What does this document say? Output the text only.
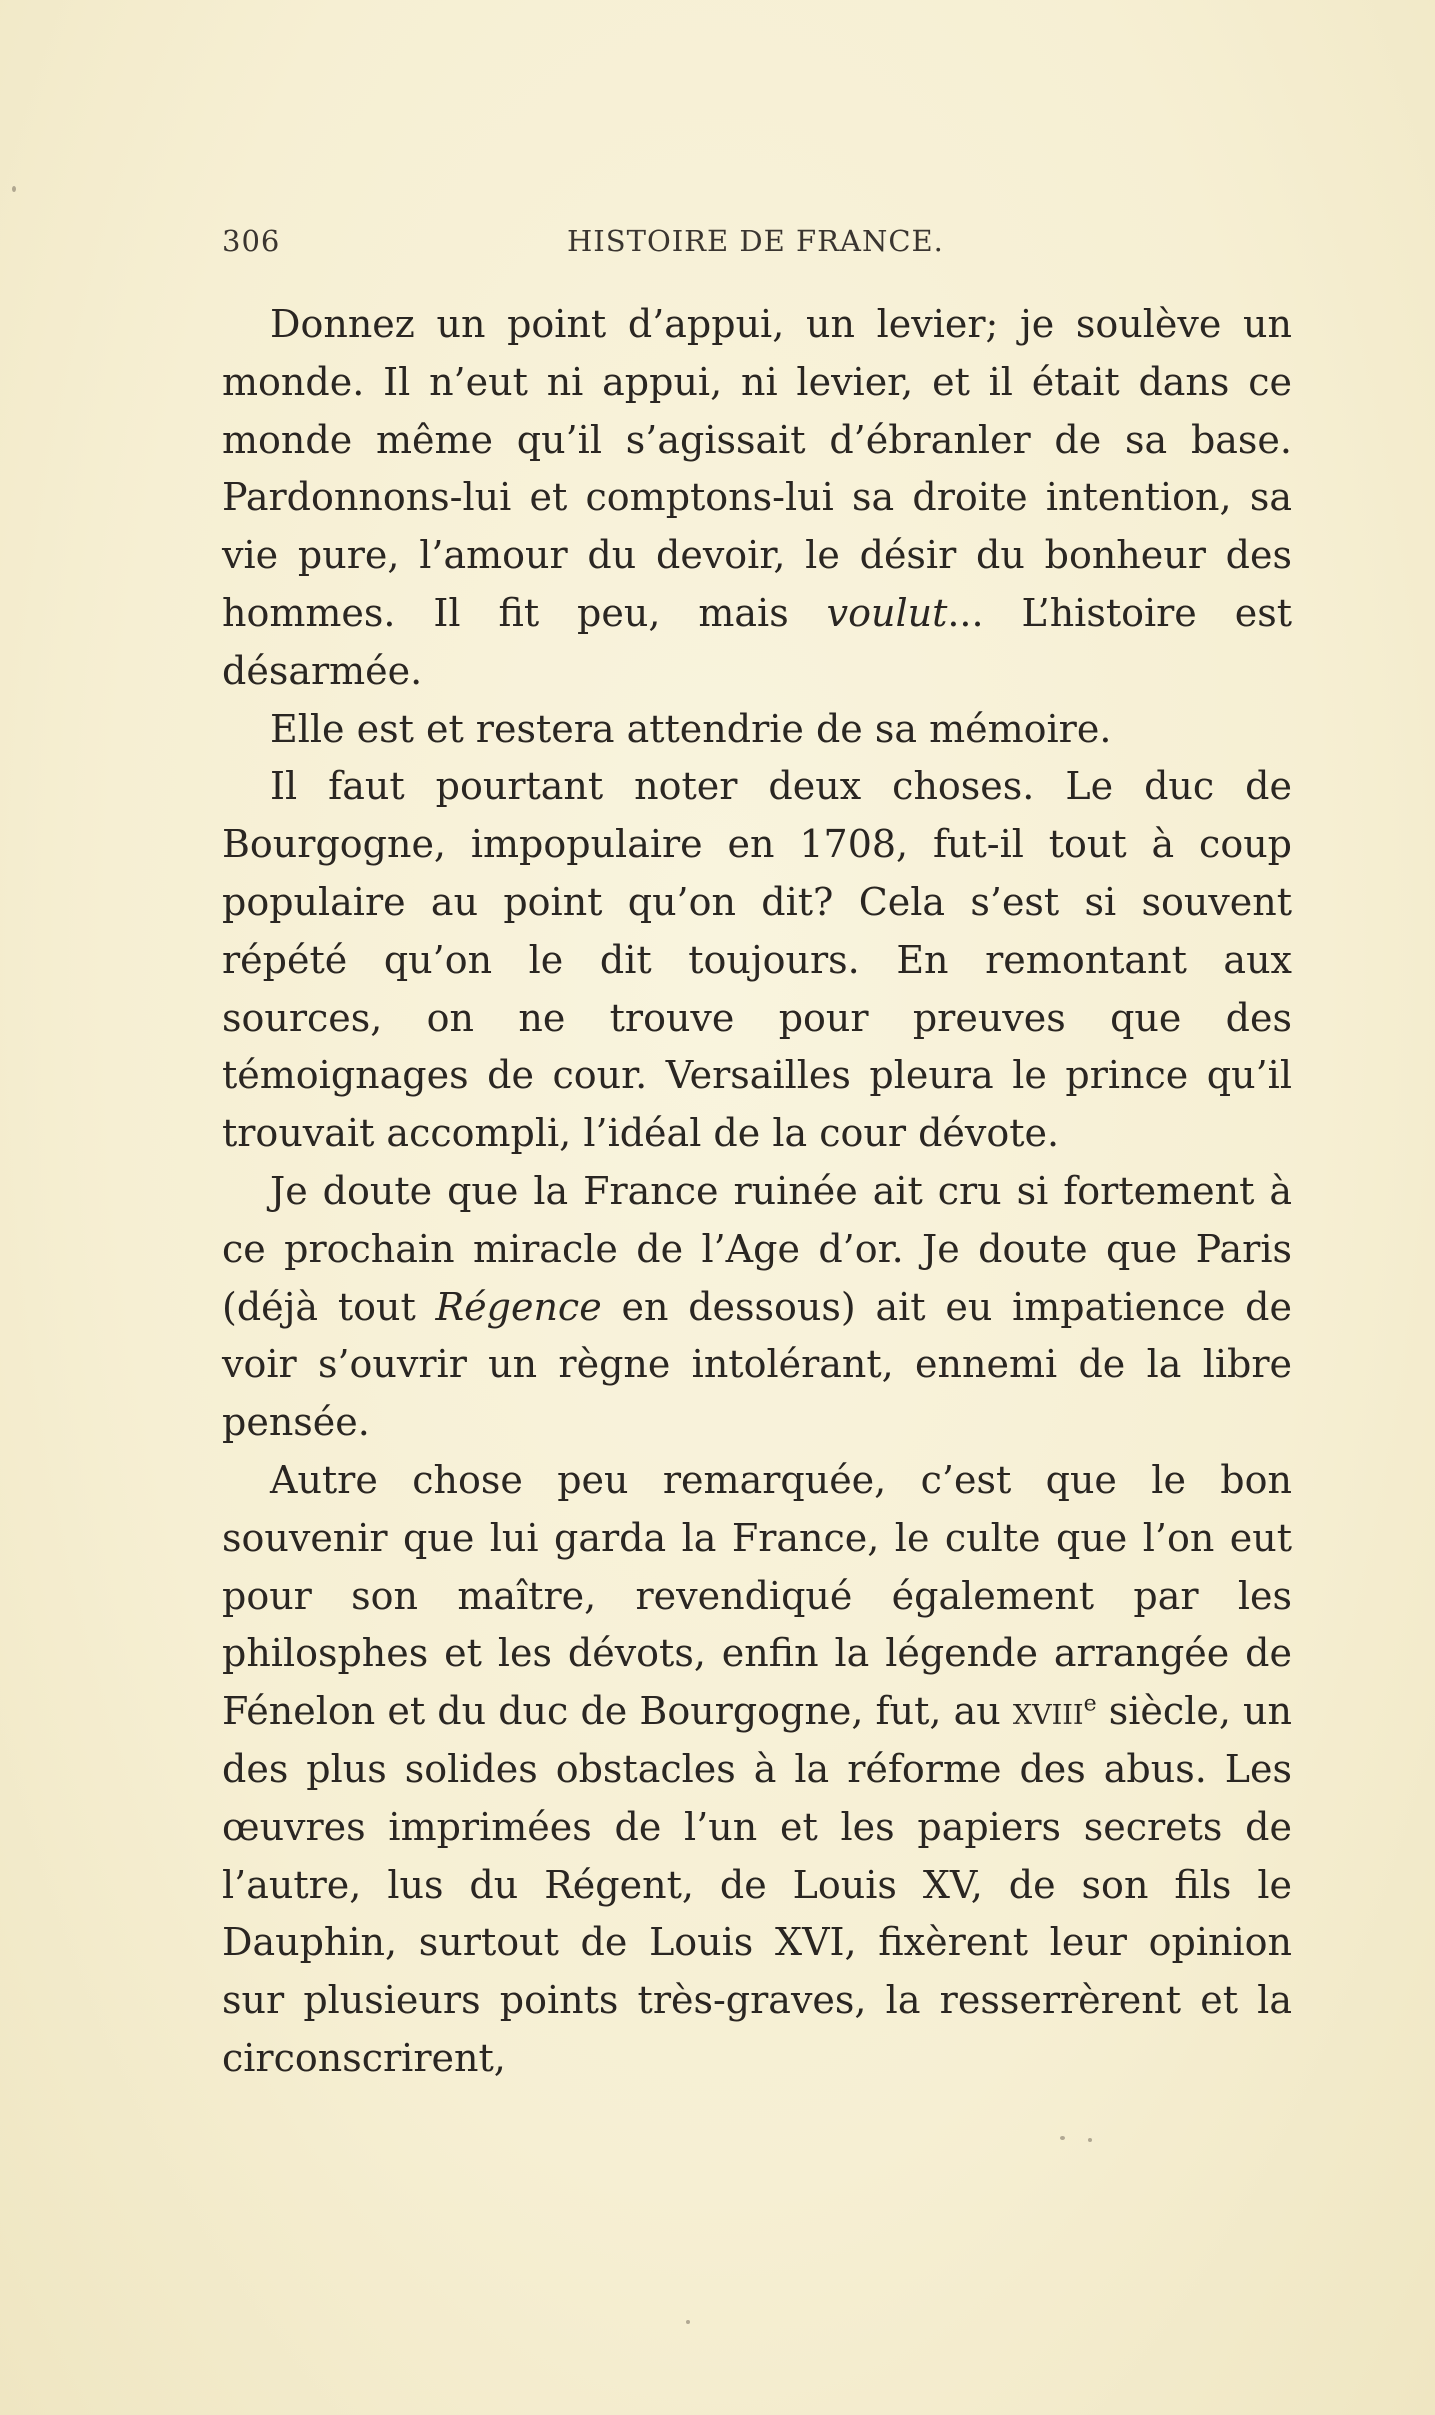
306	HISTOIRE DE FRANCE.

Donnez un point d’appui, un levier; je soulève un monde. Il n’eut ni appui, ni levier, et il était dans ce monde même qu’il s’agissait d’ébranler de sa base. Pardonnons-lui et comptons-lui sa droite intention, sa vie pure, l’amour du devoir, le désir du bonheur des hommes. Il fit peu, mais voulut... L’histoire est désarmée.

Elle est et restera attendrie de sa mémoire.

Il faut pourtant noter deux choses. Le duc de Bourgogne, impopulaire en 1708, fut-il tout à coup populaire au point qu’on dit? Cela s’est si souvent répété qu’on le dit toujours. En remontant aux sources, on ne trouve pour preuves que des témoignages de cour. Versailles pleura le prince qu’il trouvait accompli, l’idéal de la cour dévote.

Je doute que la France ruinée ait cru si fortement à ce prochain miracle de l’Age d’or. Je doute que Paris (déjà tout Régence en dessous) ait eu impatience de voir s’ouvrir un règne intolérant, ennemi de la libre pensée.

Autre chose peu remarquée, c’est que le bon souvenir que lui garda la France, le culte que l’on eut pour son maître, revendiqué également par les philosphes et les dévots, enfin la légende arrangée de Fénelon et du duc de Bourgogne, fut, au xviii$^e$ siècle, un des plus solides obstacles à la réforme des abus. Les œuvres imprimées de l’un et les papiers secrets de l’autre, lus du Régent, de Louis XV, de son fils le Dauphin, surtout de Louis XVI, fixèrent leur opinion sur plusieurs points très-graves, la resserrèrent et la circonscrirent,
